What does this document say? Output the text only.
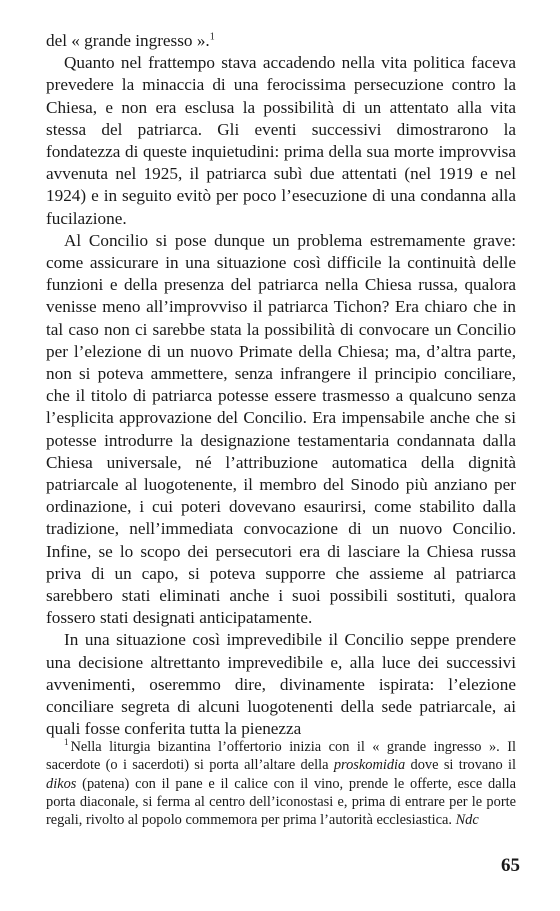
del « grande ingresso ».$^1$

Quanto nel frattempo stava accadendo nella vita politica faceva prevedere la minaccia di una ferocissima persecuzione contro la Chiesa, e non era esclusa la possibilità di un attentato alla vita stessa del patriarca. Gli eventi successivi dimostrarono la fondatezza di queste inquietudini: prima della sua morte improvvisa avvenuta nel 1925, il patriarca subì due attentati (nel 1919 e nel 1924) e in seguito evitò per poco l’esecuzione di una condanna alla fucilazione.

Al Concilio si pose dunque un problema estremamente grave: come assicurare in una situazione così difficile la continuità delle funzioni e della presenza del patriarca nella Chiesa russa, qualora venisse meno all’improvviso il patriarca Tichon? Era chiaro che in tal caso non ci sarebbe stata la possibilità di convocare un Concilio per l’elezione di un nuovo Primate della Chiesa; ma, d’altra parte, non si poteva ammettere, senza infrangere il principio conciliare, che il titolo di patriarca potesse essere trasmesso a qualcuno senza l’esplicita approvazione del Concilio. Era impensabile anche che si potesse introdurre la designazione testamentaria condannata dalla Chiesa universale, né l’attribuzione automatica della dignità patriarcale al luogotenente, il membro del Sinodo più anziano per ordinazione, i cui poteri dovevano esaurirsi, come stabilito dalla tradizione, nell’immediata convocazione di un nuovo Concilio. Infine, se lo scopo dei persecutori era di lasciare la Chiesa russa priva di un capo, si poteva supporre che assieme al patriarca sarebbero stati eliminati anche i suoi possibili sostituti, qualora fossero stati designati anticipatamente.

In una situazione così imprevedibile il Concilio seppe prendere una decisione altrettanto imprevedibile e, alla luce dei successivi avvenimenti, oseremmo dire, divinamente ispirata: l’elezione conciliare segreta di alcuni luogotenenti della sede patriarcale, ai quali fosse conferita tutta la pienezza

$^1$ Nella liturgia bizantina l’offertorio inizia con il « grande ingresso ». Il sacerdote (o i sacerdoti) si porta all’altare della proskomidia dove si trovano il dikos (patena) con il pane e il calice con il vino, prende le offerte, esce dalla porta diaconale, si ferma al centro dell’iconostasi e, prima di entrare per le porte regali, rivolto al popolo commemora per prima l’autorità ecclesiastica. Ndc

65
